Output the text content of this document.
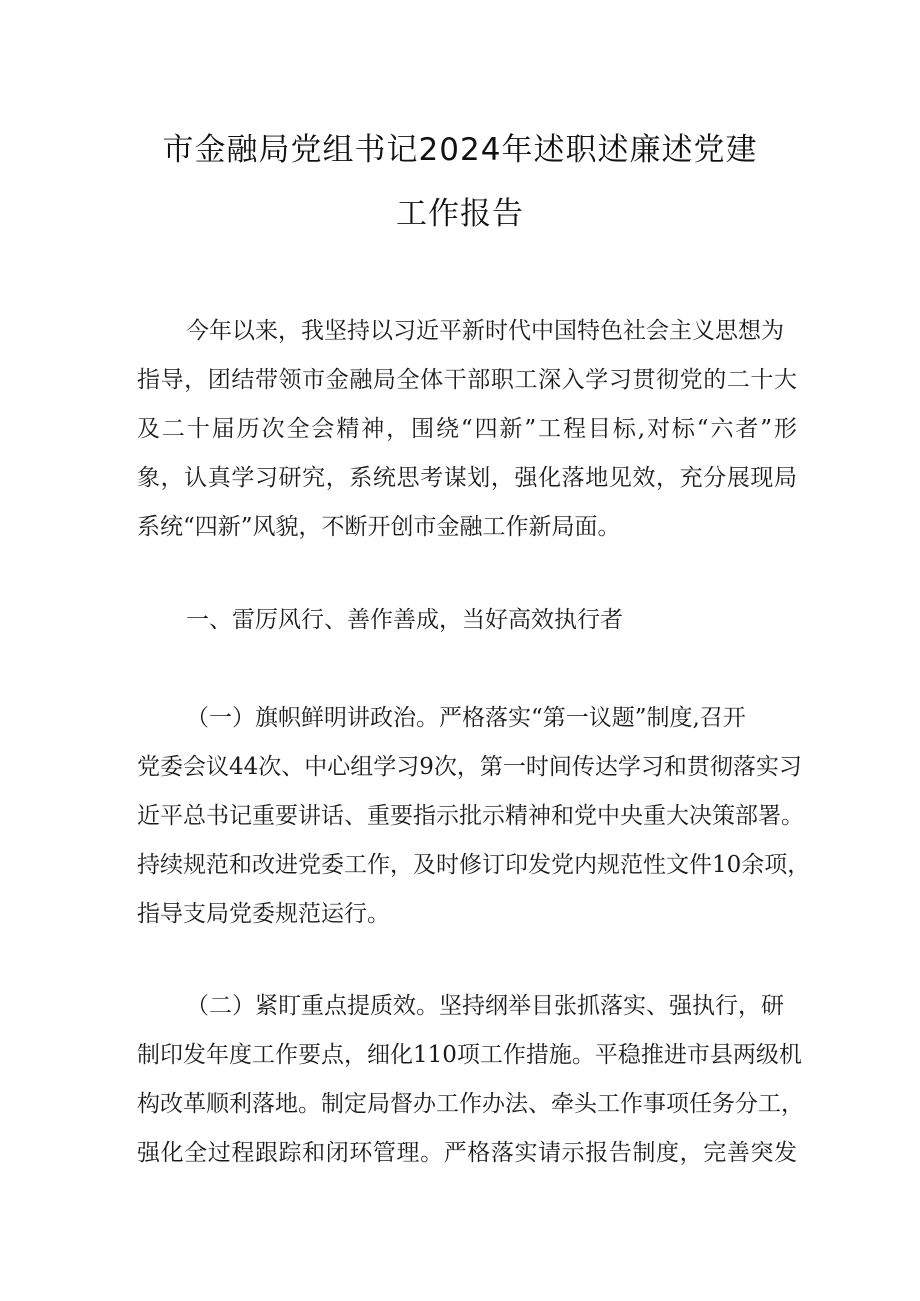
市金融局党组书记2024年述职述廉述党建
工作报告
今年以来，我坚持以习近平新时代中国特色社会主义思想为
指导，团结带领市金融局全体干部职工深入学习贯彻党的二十大
及二十届历次全会精神，围绕“四新”工程目标,对标“六者”形
象，认真学习研究，系统思考谋划，强化落地见效，充分展现局
系统“四新”风貌，不断开创市金融工作新局面。
一、雷厉风行、善作善成，当好高效执行者
（一）旗帜鲜明讲政治。严格落实“第一议题”制度,召开
党委会议44次、中心组学习9次，第一时间传达学习和贯彻落实习
近平总书记重要讲话、重要指示批示精神和党中央重大决策部署。
持续规范和改进党委工作，及时修订印发党内规范性文件10余项，
指导支局党委规范运行。
（二）紧盯重点提质效。坚持纲举目张抓落实、强执行，研
制印发年度工作要点，细化110项工作措施。平稳推进市县两级机
构改革顺利落地。制定局督办工作办法、牵头工作事项任务分工，
强化全过程跟踪和闭环管理。严格落实请示报告制度，完善突发
